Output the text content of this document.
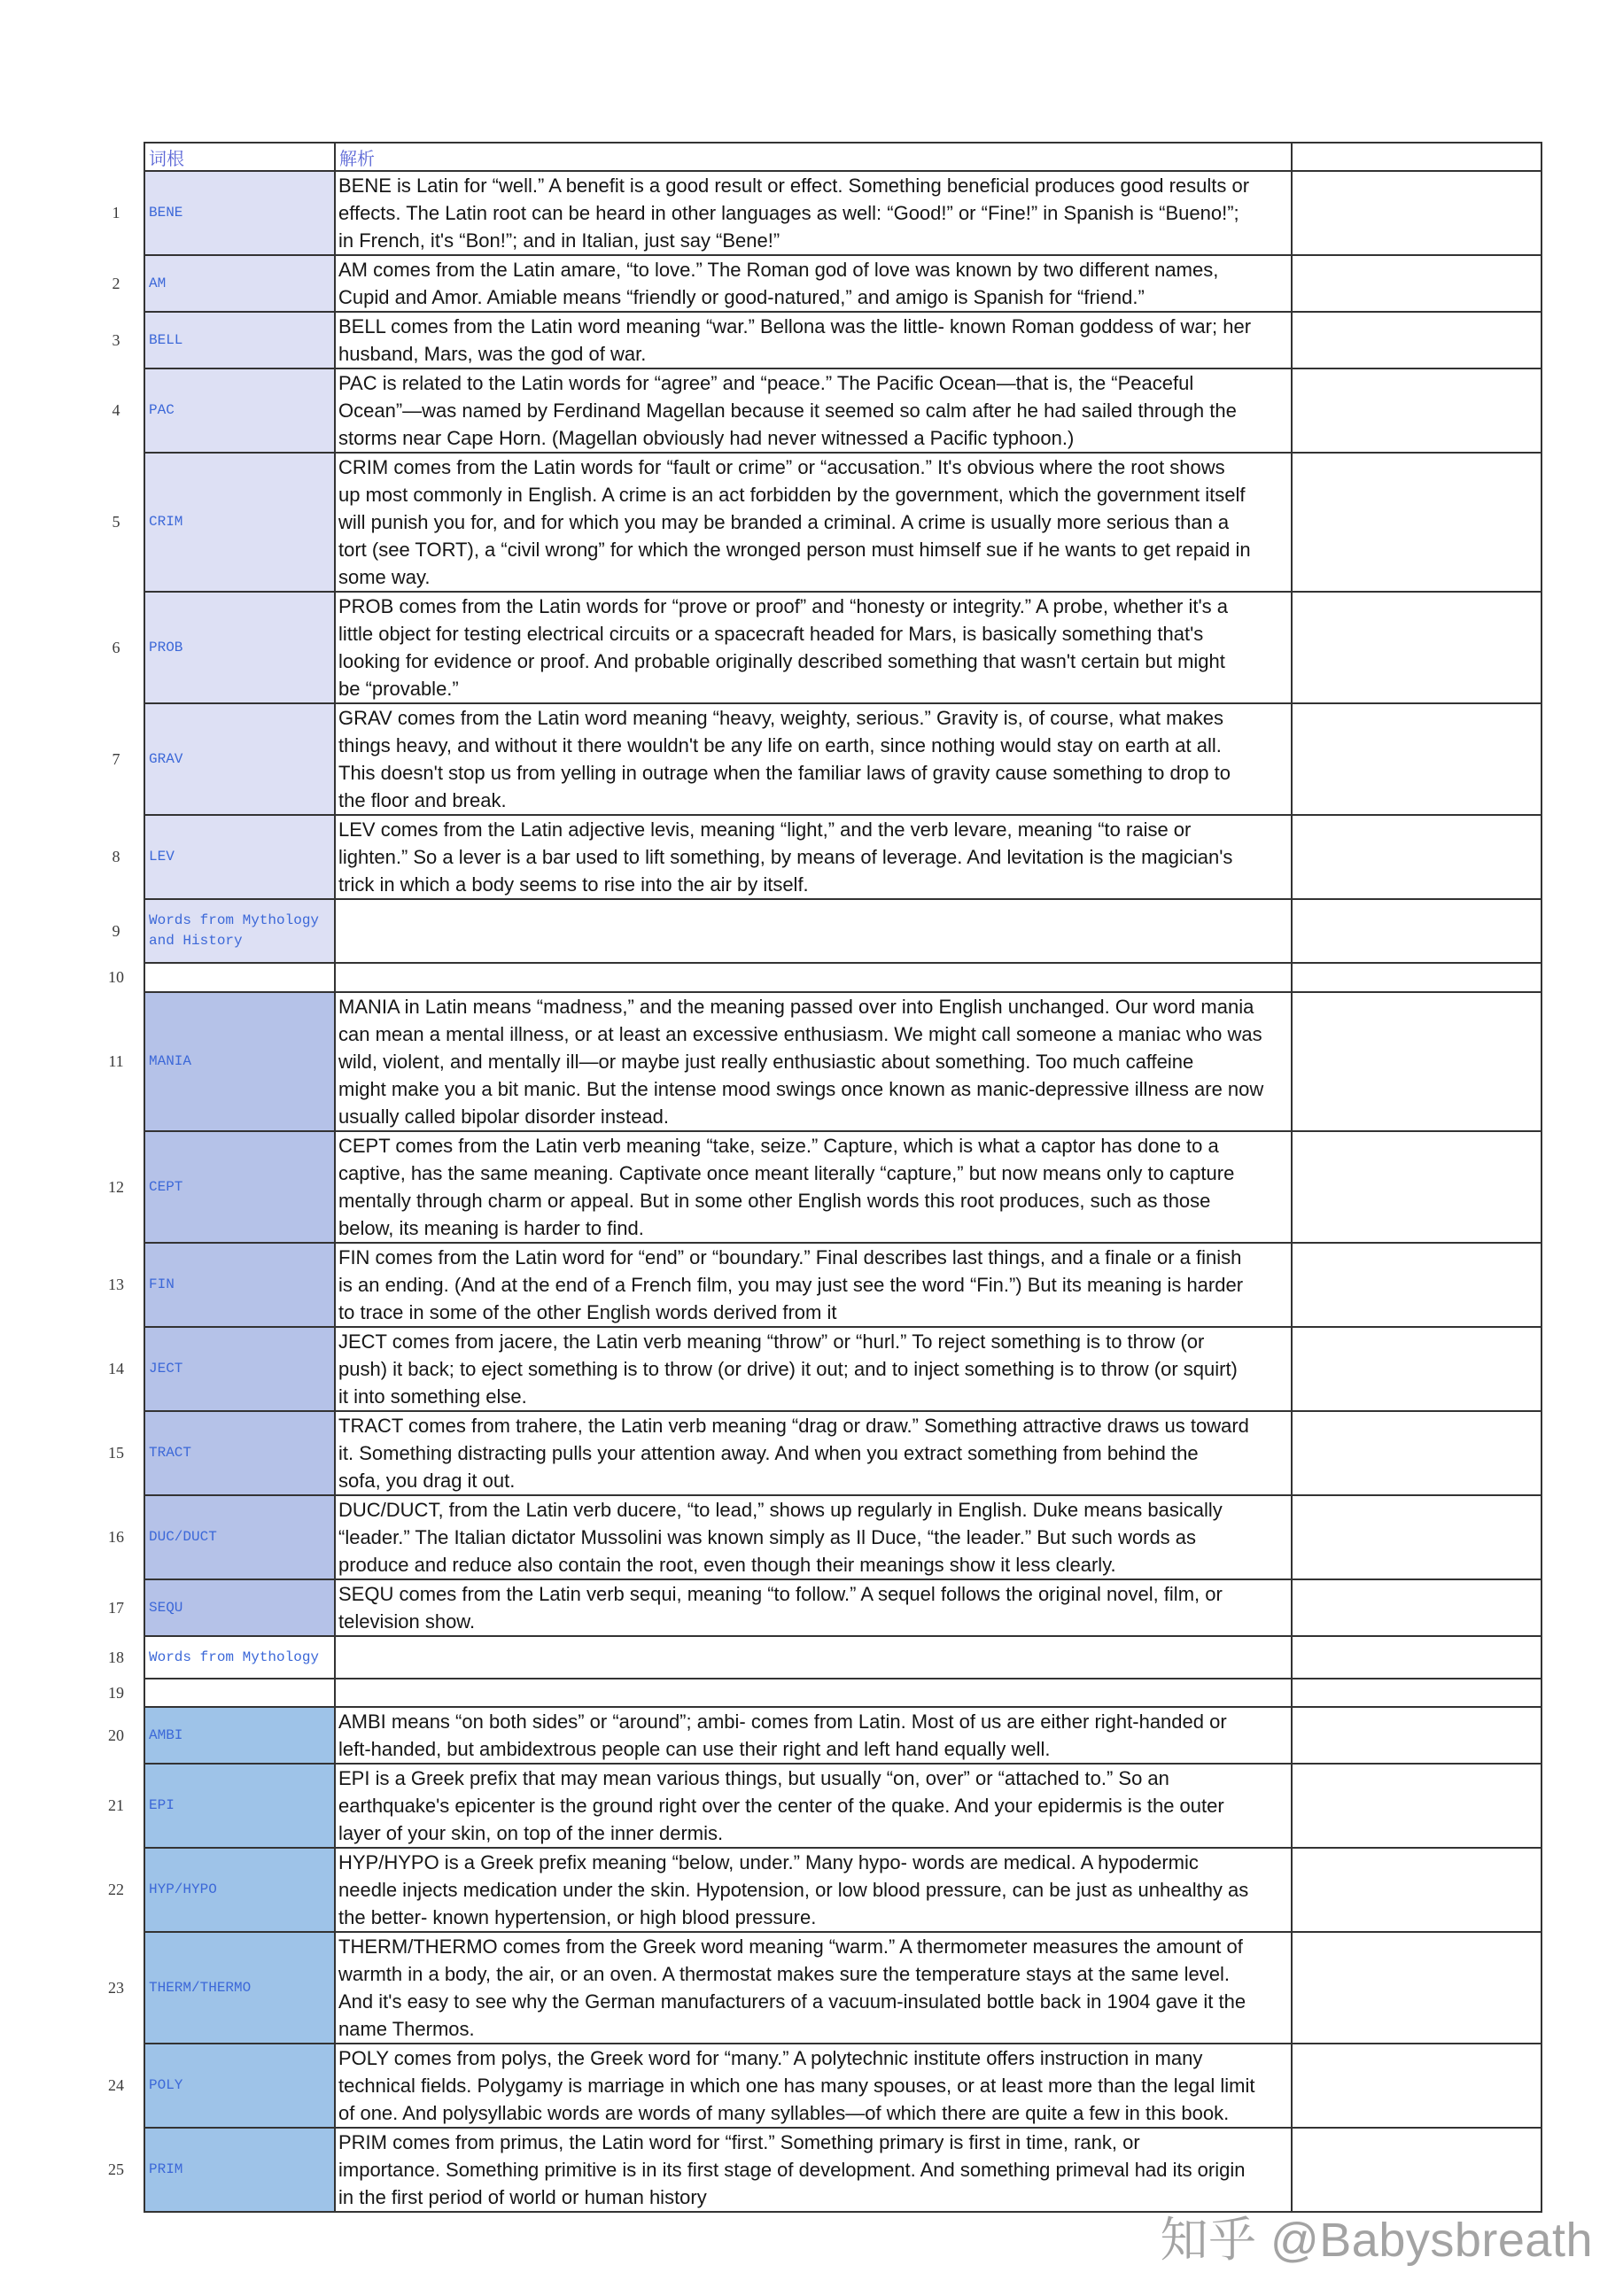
	词根	解析	
1	BENE	BENE is Latin for “well.” A benefit is a good result or effect. Something beneficial produces good results or
effects. The Latin root can be heard in other languages as well: “Good!” or “Fine!” in Spanish is “Bueno!”;
in French, it's “Bon!”; and in Italian, just say “Bene!”	

2	AM	AM comes from the Latin amare, “to love.” The Roman god of love was known by two different names,
Cupid and Amor. Amiable means “friendly or good-natured,” and amigo is Spanish for “friend.”	

3	BELL	BELL comes from the Latin word meaning “war.” Bellona was the little- known Roman goddess of war; her
husband, Mars, was the god of war.	

4	PAC	PAC is related to the Latin words for “agree” and “peace.” The Pacific Ocean—that is, the “Peaceful
Ocean”—was named by Ferdinand Magellan because it seemed so calm after he had sailed through the
storms near Cape Horn. (Magellan obviously had never witnessed a Pacific typhoon.)	

5	CRIM	CRIM comes from the Latin words for “fault or crime” or “accusation.” It's obvious where the root shows
up most commonly in English. A crime is an act forbidden by the government, which the government itself
will punish you for, and for which you may be branded a criminal. A crime is usually more serious than a
tort (see TORT), a “civil wrong” for which the wronged person must himself sue if he wants to get repaid in
some way.	

6	PROB	PROB comes from the Latin words for “prove or proof” and “honesty or integrity.” A probe, whether it's a
little object for testing electrical circuits or a spacecraft headed for Mars, is basically something that's
looking for evidence or proof. And probable originally described something that wasn't certain but might
be “provable.”	

7	GRAV	GRAV comes from the Latin word meaning “heavy, weighty, serious.” Gravity is, of course, what makes
things heavy, and without it there wouldn't be any life on earth, since nothing would stay on earth at all.
This doesn't stop us from yelling in outrage when the familiar laws of gravity cause something to drop to
the floor and break.	

8	LEV	LEV comes from the Latin adjective levis, meaning “light,” and the verb levare, meaning “to raise or
lighten.” So a lever is a bar used to lift something, by means of leverage. And levitation is the magician's
trick in which a body seems to rise into the air by itself.	

9	Words from Mythology and History		
10			
11	MANIA	MANIA in Latin means “madness,” and the meaning passed over into English unchanged. Our word mania
can mean a mental illness, or at least an excessive enthusiasm. We might call someone a maniac who was
wild, violent, and mentally ill—or maybe just really enthusiastic about something. Too much caffeine
might make you a bit manic. But the intense mood swings once known as manic-depressive illness are now
usually called bipolar disorder instead.	

12	CEPT	CEPT comes from the Latin verb meaning “take, seize.” Capture, which is what a captor has done to a
captive, has the same meaning. Captivate once meant literally “capture,” but now means only to capture
mentally through charm or appeal. But in some other English words this root produces, such as those
below, its meaning is harder to find.	

13	FIN	FIN comes from the Latin word for “end” or “boundary.” Final describes last things, and a finale or a finish
is an ending. (And at the end of a French film, you may just see the word “Fin.”) But its meaning is harder
to trace in some of the other English words derived from it	

14	JECT	JECT comes from jacere, the Latin verb meaning “throw” or “hurl.” To reject something is to throw (or
push) it back; to eject something is to throw (or drive) it out; and to inject something is to throw (or squirt)
it into something else.	

15	TRACT	TRACT comes from trahere, the Latin verb meaning “drag or draw.” Something attractive draws us toward
it. Something distracting pulls your attention away. And when you extract something from behind the
sofa, you drag it out.	

16	DUC/DUCT	DUC/DUCT, from the Latin verb ducere, “to lead,” shows up regularly in English. Duke means basically
“leader.” The Italian dictator Mussolini was known simply as Il Duce, “the leader.” But such words as
produce and reduce also contain the root, even though their meanings show it less clearly.	

17	SEQU	SEQU comes from the Latin verb sequi, meaning “to follow.” A sequel follows the original novel, film, or
television show.	

18	Words from Mythology		
19			
20	AMBI	AMBI means “on both sides” or “around”; ambi- comes from Latin. Most of us are either right-handed or
left-handed, but ambidextrous people can use their right and left hand equally well.	

21	EPI	EPI is a Greek prefix that may mean various things, but usually “on, over” or “attached to.” So an
earthquake's epicenter is the ground right over the center of the quake. And your epidermis is the outer
layer of your skin, on top of the inner dermis.	

22	HYP/HYPO	HYP/HYPO is a Greek prefix meaning “below, under.” Many hypo- words are medical. A hypodermic
needle injects medication under the skin. Hypotension, or low blood pressure, can be just as unhealthy as
the better- known hypertension, or high blood pressure.	

23	THERM/THERMO	THERM/THERMO comes from the Greek word meaning “warm.” A thermometer measures the amount of
warmth in a body, the air, or an oven. A thermostat makes sure the temperature stays at the same level.
And it's easy to see why the German manufacturers of a vacuum-insulated bottle back in 1904 gave it the
name Thermos.	

24	POLY	POLY comes from polys, the Greek word for “many.” A polytechnic institute offers instruction in many
technical fields. Polygamy is marriage in which one has many spouses, or at least more than the legal limit
of one. And polysyllabic words are words of many syllables—of which there are quite a few in this book.	

25	PRIM	PRIM comes from primus, the Latin word for “first.” Something primary is first in time, rank, or
importance. Something primitive is in its first stage of development. And something primeval had its origin
in the first period of world or human history	

知乎 @Babysbreath
